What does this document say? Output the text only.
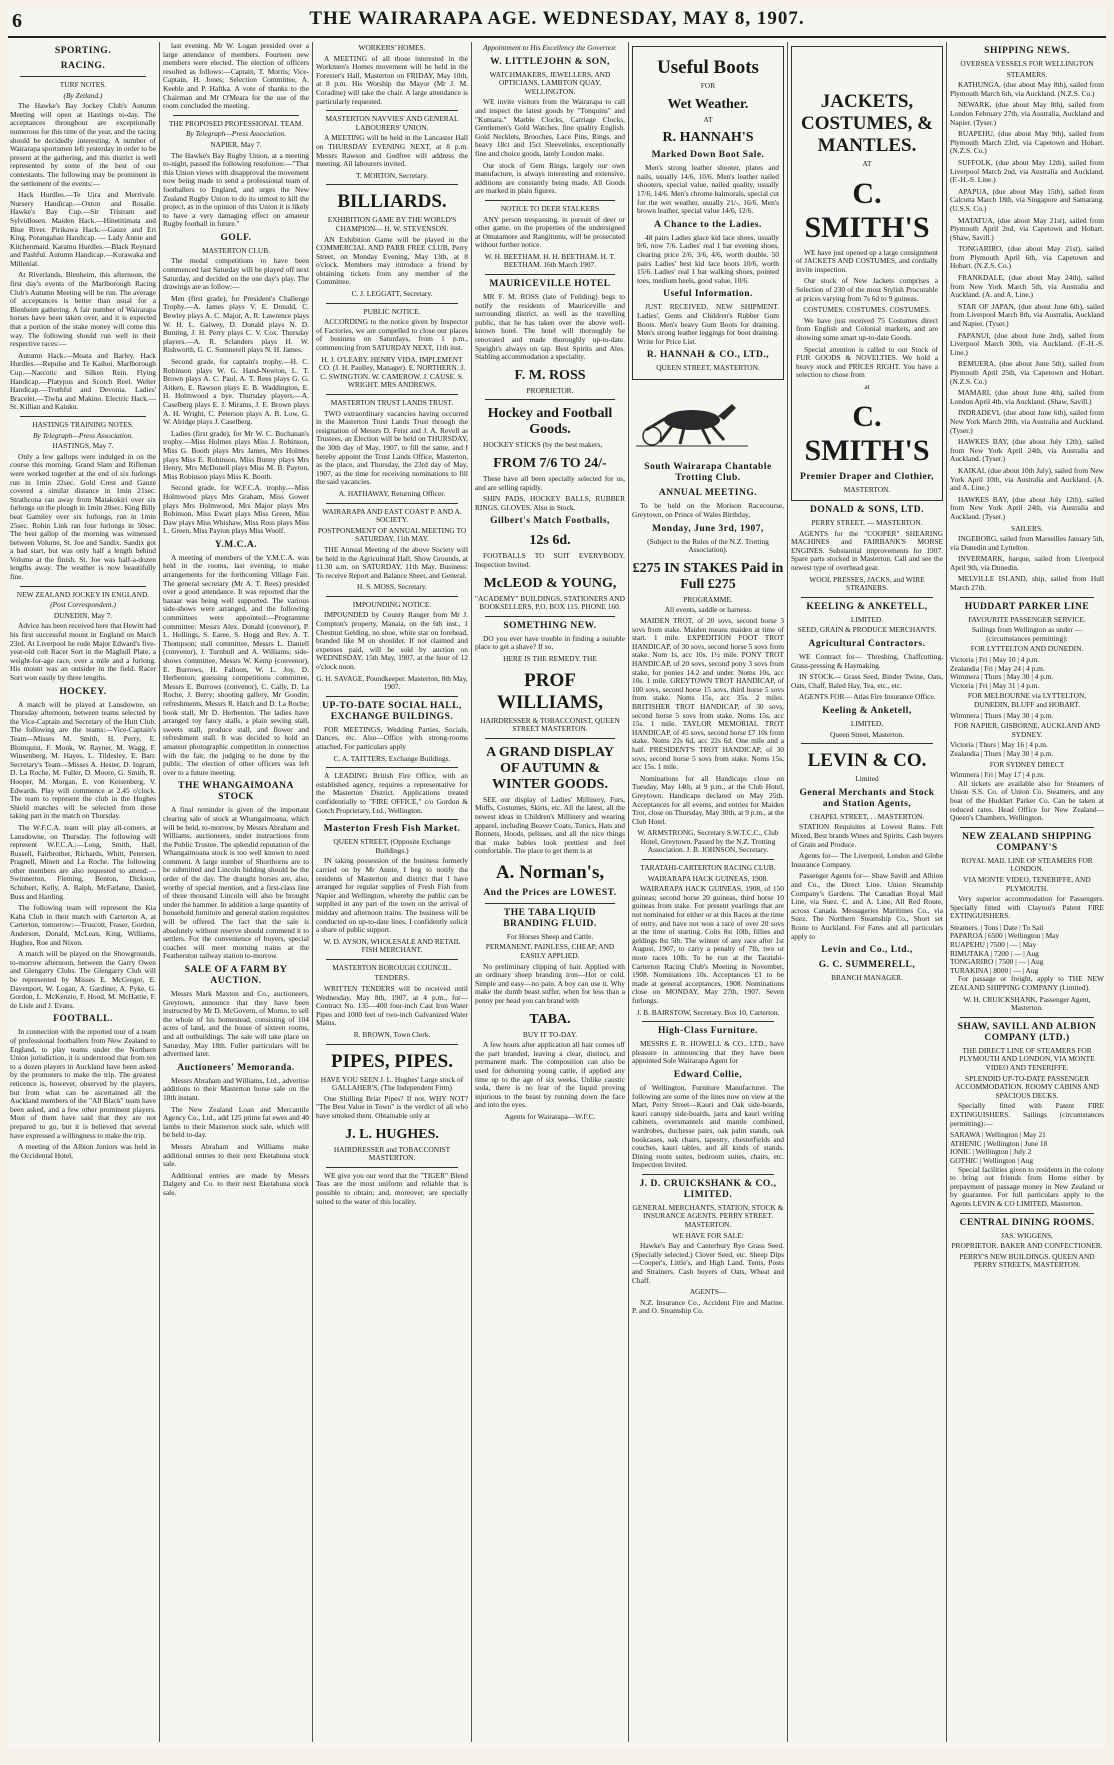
6	THE WAIRARAPA AGE. WEDNESDAY, MAY 8, 1907.
SPORTING.
RACING.
TURF NOTES.
(By Zetland.)

The Hawke's Bay Jockey Club's Autumn Meeting will open at Hastings to-day. The acceptances throughout are exceptionally numerous for this time of the year, and the racing should be decidedly interesting. A number of Wairarapa sportsmen left yesterday in order to be present at the gathering, and this district is well represented by some of the best of our contestants. The following may be prominent in the settlement of the events:—

Hack Hurdles.—Te Uira and Merrivale. Nursery Handicap.—Oxton and Rosalie. Hawke's Bay Cup.—Sir Tristram and Sylvidlosen. Maiden Hack.—Hinetitimata and Blue River. Pirikawa Hack.—Gauze and Eri King. Porangahau Handicap. — Lady Annie and Kitchenmaid. Karamu Hurdles.—Black Reynard and Pashful. Autumn Handicap.—Kurawaka and Millenial.

At Riverlands, Blenheim, this afternoon, the first day's events of the Marlborough Racing Club's Autumn Meeting will be run. The average of acceptances is better than usual for a Blenheim gathering. A fair number of Wairarapa horses have been taken over, and it is expected that a portion of the stake money will come this way. The following should run well in their respective races:—

Autumn Hack.—Moata and Barley. Hack Hurdles.—Repulse and Te Kaihoi. Marlborough Cup.—Narcotic and Silken Rein. Flying Handicap.—Platypus and Scotch Reel. Welter Handicap.—Truthful and Devonia. Ladies' Bracelet.—Tiwha and Makino. Electric Hack.—St. Killian and Kaiuku.

HASTINGS TRAINING NOTES.
By Telegraph—Press Association.
HASTINGS, May 7.

Only a few gallops were indulged in on the course this morning. Grand Slam and Rifleman were worked together at the end of six furlongs run in 1min 22sec. Gold Crest and Gauze covered a similar distance in 1min 21sec. Strathcona ran away from Matakokiri over six furlongs on the plough in 1min 20sec. King Billy beat Gamiley over six furlongs, run in 1min 25sec. Robin Link ran four furlongs in 50sec. The best gallop of the morning was witnessed between Volume, St. Joe and Sandix. Sandix got a bad start, but was only half a length behind Volume at the finish. St. Joe was half-a-dozen lengths away. The weather is now beautifully fine.

NEW ZEALAND JOCKEY IN ENGLAND.
(Post Correspondent.)
DUNEDIN, May 7.

Advice has been received here that Hewitt had his first successful mount in England on March 23rd. At Liverpool he rode Major Edward's five-year-old colt Racer Sort in the Maghull Plate, a weight-for-age race, over a mile and a furlong. His mount was an outsider in the field. Racer Sort won easily by three lengths.

HOCKEY.

A match will be played at Lansdowne, on Thursday afternoon, between teams selected by the Vice-Captain and Secretary of the Hutt Club. The following are the teams:—Vice-Captain's Team—Misses M. Smith, H. Perry, E. Blomquist, F. Monk, W. Rayner, M. Wagg, F. Winsenberg, M. Hayes, L. Tildesley, E. Barr. Secretary's Team—Misses A. Hester, D. Ingram, D. La Roche, M. Fuller, D. Moore, G. Smith, R. Hooper, M. Morgan, E. von Keisenberg, V. Edwards. Play will commence at 2.45 o'clock. The team to represent the club in the Hughes Shield matches will be selected from those taking part in the match on Thursday.

The W.F.C.A. team will play all-comers, at Lansdowne, on Thursday. The following will represent W.F.C.A.:—Long, Smith, Hall, Russell, Fairbrother, Richards, Whitt, Petersen, Pragnell, Minett and La Roche. The following other members are also requested to attend:—Swinnerton, Fleming, Benton, Dickson, Schubert, Kelly, A. Ralph, McFarlane, Daniel, Buss and Harding.

The following team will represent the Kia Kaha Club in their match with Carterton A, at Carterton, tomorrow:—Truscott, Fraser, Gordon, Anderson, Donald, McLean, King, Williams, Hughes, Roe and Nixon.

A match will be played on the Showgrounds, to-morrow afternoon, between the Garry Owen and Glengarry Clubs. The Glengarry Club will be represented by Misses E. McGregor, E. Davenport, W. Logan, A. Gardiner, A. Pyke, G. Gordon, L. McKenzie, F. Hood, M. McHattie, F. de Lisle and J. Evans.

FOOTBALL.

In connection with the reported tour of a team of professional footballers from New Zealand to England, to play teams under the Northern Union jurisdiction, it is understood that from ten to a dozen players in Auckland have been asked by the promoters to make the trip. The greatest reticence is, however, observed by the players, but from what can be ascertained all the Auckland members of the "All Black" team have been asked, and a few other prominent players. Most of them have said that they are not prepared to go, but it is believed that several have expressed a willingness to make the trip.

A meeting of the Albion Juniors was held in the Occidental Hotel,

last evening. Mr W. Logan presided over a large attendance of members. Fourteen new members were elected. The election of officers resulted as follows:—Captain, T. Morris; Vice-Captain, H. Jones; Selection Committee, A. Keeble and P. Haftka. A vote of thanks to the Chairman and Mr O'Meara for the use of the room concluded the meeting.

THE PROPOSED PROFESSIONAL TEAM.
By Telegraph—Press Association.
NAPIER, May 7.

The Hawke's Bay Rugby Union, at a meeting to-night, passed the following resolution:—"That this Union views with disapproval the movement now being made to send a professional team of footballers to England, and urges the New Zealand Rugby Union to do its utmost to kill the project, as in the opinion of this Union it is likely to have a very damaging effect on amateur Rugby football in future."

GOLF.
MASTERTON CLUB.

The medal competitions to have been commenced last Saturday will be played off next Saturday, and decided on the one day's play. The drawings are as follow:—

Men (first grade), for President's Challenge Trophy.—A. James plays V. E. Donald, C. Bewley plays A. C. Major, A. R. Lawrence plays W. H. L. Galwey, D. Donald plays N. D. Bunting, J. H. Perry plays C. V. Cox. Thursday players.—A. R. Sclanders plays H. W. Rishworth, G. C. Sumnerell plays N. H. James.

Second grade, for captain's trophy.—H. C. Robinson plays W. G. Hand-Newton, L. T. Brown plays A. C. Paul, A. T. Rees plays G. G. Aitken, E. Rawson plays E. B. Waddington, E. H. Holmwood a bye. Thursday players.—A. Caselberg plays E. J. Mirams, J. E. Brown plays A. H. Wright, C. Peterson plays A. B. Low, G. W. Alridge plays J. Caselberg.

Ladies (first grade), for Mr W. C. Buchanan's trophy.—Miss Holmes plays Miss J. Robinson, Miss G. Booth plays Mrs James, Mrs Holmes plays Miss E. Robinson, Miss Bunny plays Mrs Henry, Mrs McDonell plays Miss M. B. Payton, Miss Robinson plays Miss K. Booth.

Second grade, for W.F.C.A. trophy.—Miss Holmwood plays Mrs Graham, Miss Gower plays Mrs Holmwood, Mrs Major plays Mrs Robinson, Miss Ewart plays Miss Green, Miss Daw plays Miss Whishaw, Miss Ross plays Miss L. Green, Miss Payton plays Miss Woolf.

Y.M.C.A.

A meeting of members of the Y.M.C.A. was held in the rooms, last evening, to make arrangements for the forthcoming Village Fair. The general secretary (Mr A. T. Rees) presided over a good attendance. It was reported that the bazaar was being well supported. The various side-shows were arranged, and the following committees were appointed:—Programme committee: Messrs Alex. Donald (convenor), P. L. Hollings, S. Earee, S. Hogg and Rev. A. T. Thompson; stall committee, Messrs L. Daniell (convenor), J. Turnbull and A. Williams; side-shows committee, Messrs W. Kemp (convenor), E. Burrows, H. Falloon, W. L. Joy, D. Herbenton; guessing competitions committee, Messrs E. Burrows (convenor), C. Cally, D. La Roche, J. Berry; shooting gallery, Mr Goodin; refreshments, Messrs R. Hatch and D. La Roche; book stall, Mr D. Herbenton. The ladies have arranged toy fancy stalls, a plain sewing stall, sweets stall, produce stall, and flower and refreshment stall. It was decided to hold an amateur photographic competition in connection with the fair, the judging to be done by the public. The election of other officers was left over to a future meeting.

THE WHANGAIMOANA STOCK

A final reminder is given of the important clearing sale of stock at Whangaimoana, which will be held, to-morrow, by Messrs Abraham and Williams, auctioneers, under instructions from the Public Trustee. The splendid reputation of the Whangaimoana stock is too well known to need comment. A large number of Shorthorns are to be submitted and Lincoln bidding should be the order of the day. The draught horses are, also, worthy of special mention, and a first-class line of three thousand Lincoln will also be brought under the hammer. In addition a large quantity of household furniture and general station requisites will be offered. The fact that the sale is absolutely without reserve should commend it to settlers. For the convenience of buyers, special coaches will meet morning trains at the Featherston railway station to-morrow.

SALE OF A FARM BY AUCTION.

Messrs Mark Maxton and Co., auctioneers, Greytown, announce that they have been instructed by Mr D. McGovern, of Morno, to sell the whole of his homestead, consisting of 104 acres of land, and the house of sixteen rooms, and all outbuildings. The sale will take place on Saturday, May 18th. Fuller particulars will be advertised later.

Auctioneers' Memoranda.

Messrs Abraham and Williams, Ltd., advertise additions to their Masterton horse sale on the 18th instant.

The New Zealand Loan and Mercantile Agency Co., Ltd., add 125 prime fat ewes and 40 lambs to their Masterton stock sale, which will be held to-day.

Messrs Abraham and Williams make additional entries to their next Eketahuna stock sale.

Additional entries are made by Messrs Dalgety and Co. to their next Eketahuna stock sale.

WORKERS' HOMES.

A MEETING of all those interested in the Workmen's Homes movement will be held in the Forester's Hall, Masterton on FRIDAY, May 10th, at 8 p.m. His Worship the Mayor (Mr J. M. Coradine) will take the chair. A large attendance is particularly requested.

MASTERTON NAVVIES' AND GENERAL LABOURERS' UNION.

A MEETING will be held in the Lancaster Hall on THURSDAY EVENING NEXT, at 8 p.m. Messrs Rawson and Godfree will address the meeting. All labourers invited.

T. MORTON, Secretary.
BILLIARDS.
EXHIBITION GAME BY THE WORLD'S CHAMPION— H. W. STEVENSON.

AN Exhibition Game will be played in the COMMERCIAL AND PARR FREE CLUB, Perry Street, on Monday Evening, May 13th, at 8 o'clock. Members may introduce a friend by obtaining tickets from any member of the Committee.

C. J. LEGGATT, Secretary.
PUBLIC NOTICE.

ACCORDING to the notice given by Inspector of Factories, we are compelled to close our places of business on Saturdays, from 1 p.m., commencing from SATURDAY NEXT, 11th inst.

H. J. O'LEARY. HENRY VIDA. IMPLEMENT CO. (J. H. Paulley, Manager). E. NORTHERN. J. C. SWINGTON. W. CAMEROW. J. CAUSE. S. WRIGHT. MRS ANDREWS.
MASTERTON TRUST LANDS TRUST.

TWO extraordinary vacancies having occurred in the Masterton Trust Lands Trust through the resignation of Messrs D. Feist and J. A. Revell as Trustees, an Election will be held on THURSDAY, the 30th day of May, 1907, to fill the same, and I hereby appoint the Trust Lands Office, Masterton, as the place, and Thursday, the 23rd day of May, 1907, as the time for receiving nominations to fill the said vacancies.

A. HATHAWAY, Returning Officer.
WAIRARAPA AND EAST COAST P. AND A. SOCIETY.
POSTPONEMENT OF ANNUAL MEETING TO SATURDAY, 11th MAY.

THE Annual Meeting of the above Society will be held in the Agricultural Hall, Show Grounds, at 11.30 a.m. on SATURDAY, 11th May. Business: To receive Report and Balance Sheet, and General.

H. S. MOSS, Secretary.
IMPOUNDING NOTICE.

IMPOUNDED by County Ranger from Mr J. Compton's property, Manaia, on the 6th inst., 1 Chestnut Gelding, no shoe, white star on forehead, branded like M on shoulder. If not claimed and expenses paid, will be sold by auction on WEDNESDAY, 15th May, 1907, at the hour of 12 o'clock noon.

G. H. SAVAGE, Poundkeeper. Masterton, 8th May, 1907.
UP-TO-DATE SOCIAL HALL, EXCHANGE BUILDINGS.

FOR MEETINGS, Wedding Parties, Socials, Dances, etc. Also—Office with strong-rooms attached. For particulars apply

C. A. TAITTERS, Exchange Buildings.

A LEADING British Fire Office, with an established agency, requires a representative for the Masterton District. Applications treated confidentially to "FIRE OFFICE," c/o Gordon & Gotch Proprietary, Ltd., Wellington.

Masterton Fresh Fish Market.
QUEEN STREET, (Opposite Exchange Buildings.)

IN taking possession of the business formerly carried on by Mr Annie, I beg to notify the residents of Masterton and district that I have arranged for regular supplies of Fresh Fish from Napier and Wellington, whereby the public can be supplied in any part of the town on the arrival of midday and afternoon trains. The business will be conducted on up-to-date lines. I confidently solicit a share of public support.

W. D. AYSON, WHOLESALE AND RETAIL FISH MERCHANT.
MASTERTON BOROUGH COUNCIL.
TENDERS.

WRITTEN TENDERS will be received until Wednesday, May 8th, 1907, at 4 p.m., for— Contract No. 135—400 four-inch Cast Iron Water Pipes and 1000 feet of two-inch Galvanized Water Mains.

R. BROWN, Town Clerk.
PIPES, PIPES.
HAVE YOU SEEN J. L. Hughes' Large stock of GALLAHER'S, (The Independent Firm)

One Shilling Briar Pipes? If not, WHY NOT? "The Best Value in Town" is the verdict of all who have smoked them. Obtainable only at

J. L. HUGHES.
HAIRDRESSER and TOBACCONIST MASTERTON.

WE give you our word that the "TIGER" Blend Teas are the most uniform and reliable that is possible to obtain; and, moreover, are specially suited to the water of this locality.

Appointment to His Excellency the Governor.
W. LITTLEJOHN & SON,
WATCHMAKERS, JEWELLERS, AND OPTICIANS, LAMBTON QUAY, WELLINGTON.

WE invite visitors from the Wairarapa to call and inspect the latest goods by "Tonquins" and "Kumara." Marble Clocks, Carriage Clocks, Gentlemen's Gold Watches, fine quality English. Gold Necklets, Brooches, Lace Pins, Rings, and heavy 18ct and 15ct Sleevelinks, exceptionally fine and choice goods, lately London make.

Our stock of Gem Rings, largely our own manufacture, is always interesting and extensive, additions are constantly being made. All Goods are marked in plain figures.

NOTICE TO DEER STALKERS

ANY person trespassing, in pursuit of deer or other game, on the properties of the undersigned at Omatamore and Rangitumu, will be prosecuted without further notice.

W. H. BEETHAM. H. H. BEETHAM. H. T. BEETHAM. 16th March 1907.
MAURICEVILLE HOTEL

MR F. M. ROSS (late of Feilding) begs to notify the residents of Mauriceville and surrounding district, as well as the travelling public, that he has taken over the above well-known hotel. The hotel will thoroughly be renovated and made thoroughly up-to-date. Speight's always on tap. Best Spirits and Ales. Stabling accommodation a speciality.

F. M. ROSS
PROPRIETOR.
Hockey and Football Goods.

HOCKEY STICKS (by the best makers,

FROM 7/6 TO 24/-

These have all been specially selected for us, and are selling rapidly.

SHIN PADS, HOCKEY BALLS, RUBBER RINGS, GLOVES. Also in Stock.

Gilbert's Match Footballs,
12s 6d.

FOOTBALLS TO SUIT EVERYBODY. Inspection Invited.

McLEOD & YOUNG,
"ACADEMY" BUILDINGS, STATIONERS AND BOOKSELLERS, P.O. BOX 115. PHONE 160.
SOMETHING NEW.

DO you ever have trouble in finding a suitable place to get a shave? If so,

HERE IS THE REMEDY. THE
PROF WILLIAMS,
HAIRDRESSER & TOBACCONIST, QUEEN STREET MASTERTON.
A GRAND DISPLAY OF AUTUMN & WINTER GOODS.

SEE our display of Ladies' Millinery, Furs, Muffs, Costumes, Skirts, etc. All the latest, all the newest ideas in Children's Millinery and wearing apparel, including Beaver Coats, Tunics, Hats and Bonnets, Hoods, pelisses, and all the nice things that make babies look prettiest and feel comfortable. The place to get them is at

A. Norman's,
And the Prices are LOWEST.
THE TABA LIQUID BRANDING FLUID.
For Horses Sheep and Cattle.
PERMANENT, PAINLESS, CHEAP, AND EASILY APPLIED.

No preliminary clipping of hair. Applied with an ordinary sheep branding iron—Hot or cold. Simple and easy—no pain. A boy can use it. Why make the dumb beast suffer, when for less than a penny per head you can brand with

TABA.
BUY IT TO-DAY.

A few hours after application all hair comes off the part branded, leaving a clear, distinct, and permanent mark. The composition can also be used for dehorning young cattle, if applied any time up to the age of six weeks. Unlike caustic soda, there is no fear of the liquid proving injurious to the beast by running down the face and into the eyes.

Agents for Wairarapa—W.F.C.
Useful Boots
FOR
Wet Weather.
AT
R. HANNAH'S
Marked Down Boot Sale.

Men's strong leather shooter, plates and nails, usually 14/6, 10/6. Men's leather nailed shooters, special value, nailed quality, usually 17/6, 14/6. Men's chrome balmorals, special cut for the wet weather, usually 21/-, 16/6. Men's brown leather, special value 14/6, 12/6.

A Chance to the Ladies.

48 pairs Ladies glace kid lace shoes, usually 9/6, now 7/6. Ladies' real 1 bar evening shoes, clearing price 2/6, 3/6, 4/6, worth double. 50 pairs Ladies' best kid lace boots 10/6, worth 15/6. Ladies' real 1 bar walking shoes, pointed toes, medium heels, good value, 10/6.

Useful Information.

JUST RECEIVED, NEW SHIPMENT. Ladies', Gents and Children's Rubber Gum Boots. Men's heavy Gum Boots for draining. Men's strong leather leggings for boot draining. Write for Price List.

R. HANNAH & CO., LTD.,
QUEEN STREET, MASTERTON.
South Wairarapa Chantable Trotting Club.
ANNUAL MEETING.

To be held on the Morison Racecourse, Greytown, on Prince of Wales Birthday,

Monday, June 3rd, 1907,
(Subject to the Rules of the N.Z. Trotting Association).
£275 IN STAKES Paid in Full £275
PROGRAMME.
All events, saddle or harness.

MAIDEN TROT, of 20 sovs, second horse 3 sovs from stake. Maiden means maiden at time of start. 1 mile. EXPEDITION FOOT TROT HANDICAP, of 30 sovs, second horse 5 sovs from stake. Nom 1s, acc 10s. 1½ mile. PONY TROT HANDICAP, of 20 sovs, second pony 3 sovs from stake, for ponies 14.2 and under. Noms 10s, acc 10s. 1 mile. GREYTOWN TROT HANDICAP, of 100 sovs, second horse 15 sovs, third horse 5 sovs from stake. Noms 15s, acc 35s. 2 miles. BRITISHER TROT HANDICAP, of 30 sovs, second horse 5 sovs from stake. Noms 15s, acc 15s. 1 mile. TAYLOR MEMORIAL TROT HANDICAP, of 45 sovs, second horse £7 10s from stake. Noms 22s 6d, acc 22s 6d. One mile and a half. PRESIDENT'S TROT HANDICAP, of 30 sovs, second horse 5 sovs from stake. Noms 15s, acc 15s. 1 mile.

Nominations for all Handicaps close on Tuesday, May 14th, at 9 p.m., at the Club Hotel, Greytown. Handicaps declared on May 25th. Acceptances for all events, and entries for Maiden Trot, close on Thursday, May 30th, at 9 p.m., at the Club Hotel.

W. ARMSTRONG, Secretary S.W.T.C.C., Club Hotel, Greytown. Passed by the N.Z. Trotting Association. J. B. JOHNSON, Secretary.
TARATAHI-CARTERTON RACING CLUB.
WAIRARAPA HACK GUINEAS, 1908.

WAIRARAPA HACK GUINEAS, 1908, of 150 guineas; second horse 20 guineas, third horse 10 guineas from stake. For present yearlings that are not nominated for either or at this Races at the time of entry, and have not won a race of over 20 sovs at the time of starting. Colts 8st 10lb, fillies and geldings 8st 5lb. The winner of any race after 1st August, 1907, to carry a penalty of 7lb, two or more races 10lb. To be run at the Taratahi-Carterton Racing Club's Meeting in November, 1908. Nominations 10s. Acceptances £1 to be made at general acceptances, 1908. Nominations close on MONDAY, May 27th, 1907. Seven furlongs.

J. B. BAIRSTOW, Secretary. Box 10, Carterton.
High-Class Furniture.

MESSRS E. R. HOWELL & CO., LTD., have pleasure in announcing that they have been appointed Sole Wairarapa Agent for

Edward Collie,

of Wellington, Furniture Manufacturer. The following are some of the lines now on view at the Mart, Perry Street—Kauri and Oak side-boards, kauri canopy side-boards, jarra and kauri writing cabinets, oversmantels and mantle combined, wardrobes, duchesse pairs, oak palm stands, oak bookcases, oak chairs, tapestry, chesterfields and couches, kauri tables, and all kinds of stands. Dining room suites, bedroom suites, chairs, etc. Inspection Invited.

J. D. CRUICKSHANK & CO., LIMITED.
GENERAL MERCHANTS, STATION, STOCK & INSURANCE AGENTS. PERRY STREET. MASTERTON.
WE HAVE FOR SALE:

Hawke's Bay and Canterbury Rye Grass Seed. (Specially selected.) Clover Seed, etc. Sheep Dips—Cooper's, Little's, and High Land. Tents, Posts and Strainers. Cash buyers of Oats, Wheat and Chaff.

AGENTS—

N.Z. Insurance Co., Accident Fire and Marine. P. and O. Steamship Co.

JACKETS, COSTUMES, & MANTLES.
AT
C. SMITH'S

WE have just opened up a large consignment of JACKETS AND COSTUMES, and cordially invite inspection.

Our stock of New Jackets comprises a Selection of 230 of the most Stylish Procurable at prices varying from 7s 6d to 9 guineas.

COSTUMES. COSTUMES. COSTUMES.

We have just received 75 Costumes direct from English and Colonial markets, and are showing some smart up-to-date Goods.

Special attention is called to our Stock of FUR GOODS & NOVELTIES. We hold a heavy stock and PRICES RIGHT. You have a selection to chose from

at
C. SMITH'S
Premier Draper and Clothier,
MASTERTON.
DONALD & SONS, LTD.
PERRY STREET, — MASTERTON.

AGENTS for the "COOPER" SHEARING MACHINES and FAIRBANK'S MORSE ENGINES. Substantial improvements for 1907. Spare parts stocked in Masterton. Call and see the newest type of overhead gear.

WOOL PRESSES, JACKS, and WIRE STRAINERS.
KEELING & ANKETELL,
LIMITED.
SEED, GRAIN & PRODUCE MERCHANTS.
Agricultural Contractors.

WE Contract for— Threshing, Chaffcutting, Grass-pressing & Haymaking.

IN STOCK— Grass Seed, Binder Twine, Oats, Oats, Chaff, Baled Hay, Tea, etc., etc.

AGENTS FOR— Atlas Fire Insurance Office.

Keeling & Anketell,
LIMITED,
Queen Street, Masterton.
LEVIN & CO.
Limited
General Merchants and Stock and Station Agents,
CHAPEL STREET, . . MASTERTON.

STATION Requisites at Lowest Rates. Felt Mixed, Best brands Wines and Spirits. Cash buyers of Grain and Produce.

Agents for— The Liverpool, London and Globe Insurance Company.

Passenger Agents for— Shaw Savill and Albion and Co., the Direct Line. Union Steamship Company's Gardens. The Canadian Royal Mail Line, via Suez. C. and A. Line, All Red Route, across Canada. Messageries Maritimes Co., via Suez. The Northern Steamship Co., Short set Route to Auckland. For Fares and all particulars apply to

Levin and Co., Ltd.,
G. C. SUMMERELL,
BRANCH MANAGER.
SHIPPING NEWS.
OVERSEA VESSELS FOR WELLINGTON
STEAMERS.

KATHUNGA, (due about May 8th), sailed from Plymouth March 6th, via Auckland. (N.Z.S. Co.)

NEWARK, (due about May 8th), sailed from London February 27th, via Australia, Auckland and Napier. (Tyser.)

RUAPEHU, (due about May 9th), sailed from Plymouth March 23rd, via Capetown and Hobart. (N.Z.S. Co.)

SUFFOLK, (due about May 12th), sailed from Liverpool March 2nd, via Australia and Auckland. (F.-H.-S. Line.)

APAPUA, (due about May 15th), sailed from Calcutta March 18th, via Singapore and Samarang. (U.S.S. Co.)

MATATUA, (due about May 21st), sailed from Plymouth April 2nd, via Capetown and Hobart. (Shaw, Savill.)

TONGARIRO, (due about May 21st), sailed from Plymouth April 6th, via Capetown and Hobart. (N.Z.S. Co.)

FRANKDALE, (due about May 24th), sailed from New York March 5th, via Australia and Auckland. (A. and A. Line.)

STAR OF JAPAN, (due about June 6th), sailed from Liverpool March 8th, via Australia, Auckland and Napier. (Tyser.)

PAPANUI, (due about June 2nd), sailed from Liverpool March 30th, via Auckland. (F.-H.-S. Line.)

REMUERA, (due about June 5th), sailed from Plymouth April 25th, via Capetown and Hobart. (N.Z.S. Co.)

MAMARI, (due about June 4th), sailed from London April 4th, via Auckland. (Shaw, Savill.)

INDRADEVI, (due about June 6th), sailed from New York March 20th, via Australia and Auckland. (Tyser.)

HAWKES BAY, (due about July 12th), sailed from New York April 24th, via Australia and Auckland. (Tyser.)

KAIKAI, (due about 10th July), sailed from New York April 10th, via Australia and Auckland. (A. and A. Line.)

HAWKES BAY, (due about July 12th), sailed from New York April 24th, via Australia and Auckland. (Tyser.)

SAILERS.

INGEBORG, sailed from Marseilles January 5th, via Dunedin and Lyttelton.

INVERMARK, barque, sailed from Liverpool April 9th, via Dunedin.

MELVILLE ISLAND, ship, sailed from Hull March 27th.

HUDDART PARKER LINE
FAVOURITE PASSENGER SERVICE.
Sailings from Wellington as under — (circumstances permitting):
FOR LYTTELTON AND DUNEDIN.
Victoria | Fri | May 10 | 4 p.m.
Zealandia | Fri | May 24 | 4 p.m.
Wimmera | Thurs | May 30 | 4 p.m.
Victoria | Fri | May 31 | 4 p.m.
FOR MELBOURNE via LYTTELTON, DUNEDIN, BLUFF and HOBART.
Wimmera | Thurs | May 30 | 4 p.m.
FOR NAPIER, GISBORNE, AUCKLAND AND SYDNEY.
Victoria | Thurs | May 16 | 4 p.m.
Zealandia | Thurs | May 30 | 4 p.m.
FOR SYDNEY DIRECT
Wimmera | Fri | May 17 | 4 p.m.

All tickets are available also for Steamers of Union S.S. Co. of Union Co. Steamers, and any boat of the Huddart Parker Co. Can be taken at reduced rates. Head Office for New Zealand—Queen's Chambers, Wellington.

NEW ZEALAND SHIPPING COMPANY'S
ROYAL MAIL LINE OF STEAMERS FOR LONDON.
VIA MONTE VIDEO, TENERIFFE, AND PLYMOUTH.

Very superior accommodation for Passengers. Specially fitted with Clayton's Patent FIRE EXTINGUISHERS.

Steamers. | Tons | Date | To Sail
PAPAROA | 6500 | Wellington | May
RUAPEHU | 7500 | — | May
RIMUTAKA | 7200 | — | Aug
TONGARIRO | 7500 | — | Aug
TURAKINA | 8000 | — | Aug

For passage or freight, apply to THE NEW ZEALAND SHIPPING COMPANY (Limited).

W. H. CRUICKSHANK, Passenger Agent, Masterton.
SHAW, SAVILL AND ALBION COMPANY (LTD.)
THE DIRECT LINE OF STEAMERS FOR PLYMOUTH AND LONDON, VIA MONTE VIDEO AND TENERIFFE.
SPLENDID UP-TO-DATE PASSENGER ACCOMMODATION. ROOMY CABINS AND SPACIOUS DECKS.

Specially fitted with Patent FIRE EXTINGUISHERS. Sailings (circumstances permitting):—

SARAWA | Wellington | May 21
ATHENIC | Wellington | June 18
IONIC | Wellington | July 2
GOTHIC | Wellington | Aug

Special facilities given to residents in the colony to bring out friends from Home either by prepayment of passage money in New Zealand or by guarantee. For full particulars apply to the Agents LEVIN & CO LIMITED, Masterton.

CENTRAL DINING ROOMS.
JAS. WIGGENS,
PROPRIETOR. BAKER AND CONFECTIONER.
PERRY'S NEW BUILDINGS. QUEEN AND PERRY STREETS, MASTERTON.
